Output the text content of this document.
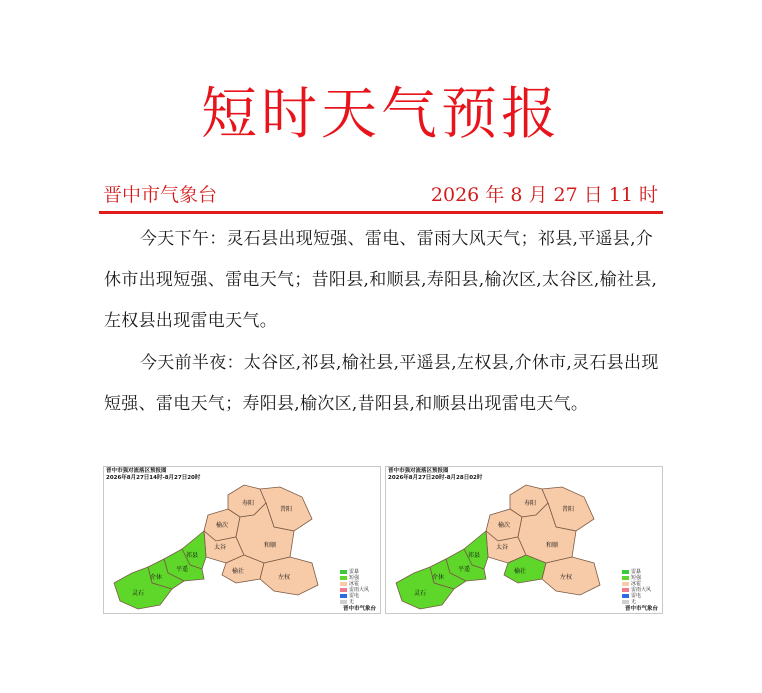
短时天气预报
晋中市气象台	2026 年 8 月 27 日 11 时

今天下午：灵石县出现短强、雷电、雷雨大风天气；祁县,平遥县,介休市出现短强、雷电天气；昔阳县,和顺县,寿阳县,榆次区,太谷区,榆社县,左权县出现雷电天气。

今天前半夜：太谷区,祁县,榆社县,平遥县,左权县,介休市,灵石县出现短强、雷电天气；寿阳县,榆次区,昔阳县,和顺县出现雷电天气。

晋中市强对流落区预报图
2026年8月27日14时-8月27日20时
寿阳
榆次
昔阳
太谷
祁县
和顺
平遥	榆社
介休	左权
灵石
雷暴
短强
冰雹
雷雨大风
雷电
无
晋中市气象台
晋中市强对流落区预报图
2026年8月27日20时-8月28日02时
寿阳
榆次
昔阳
太谷
祁县
和顺
平遥	榆社
介休	左权
灵石
雷暴
短强
冰雹
雷雨大风
雷电
无
晋中市气象台
